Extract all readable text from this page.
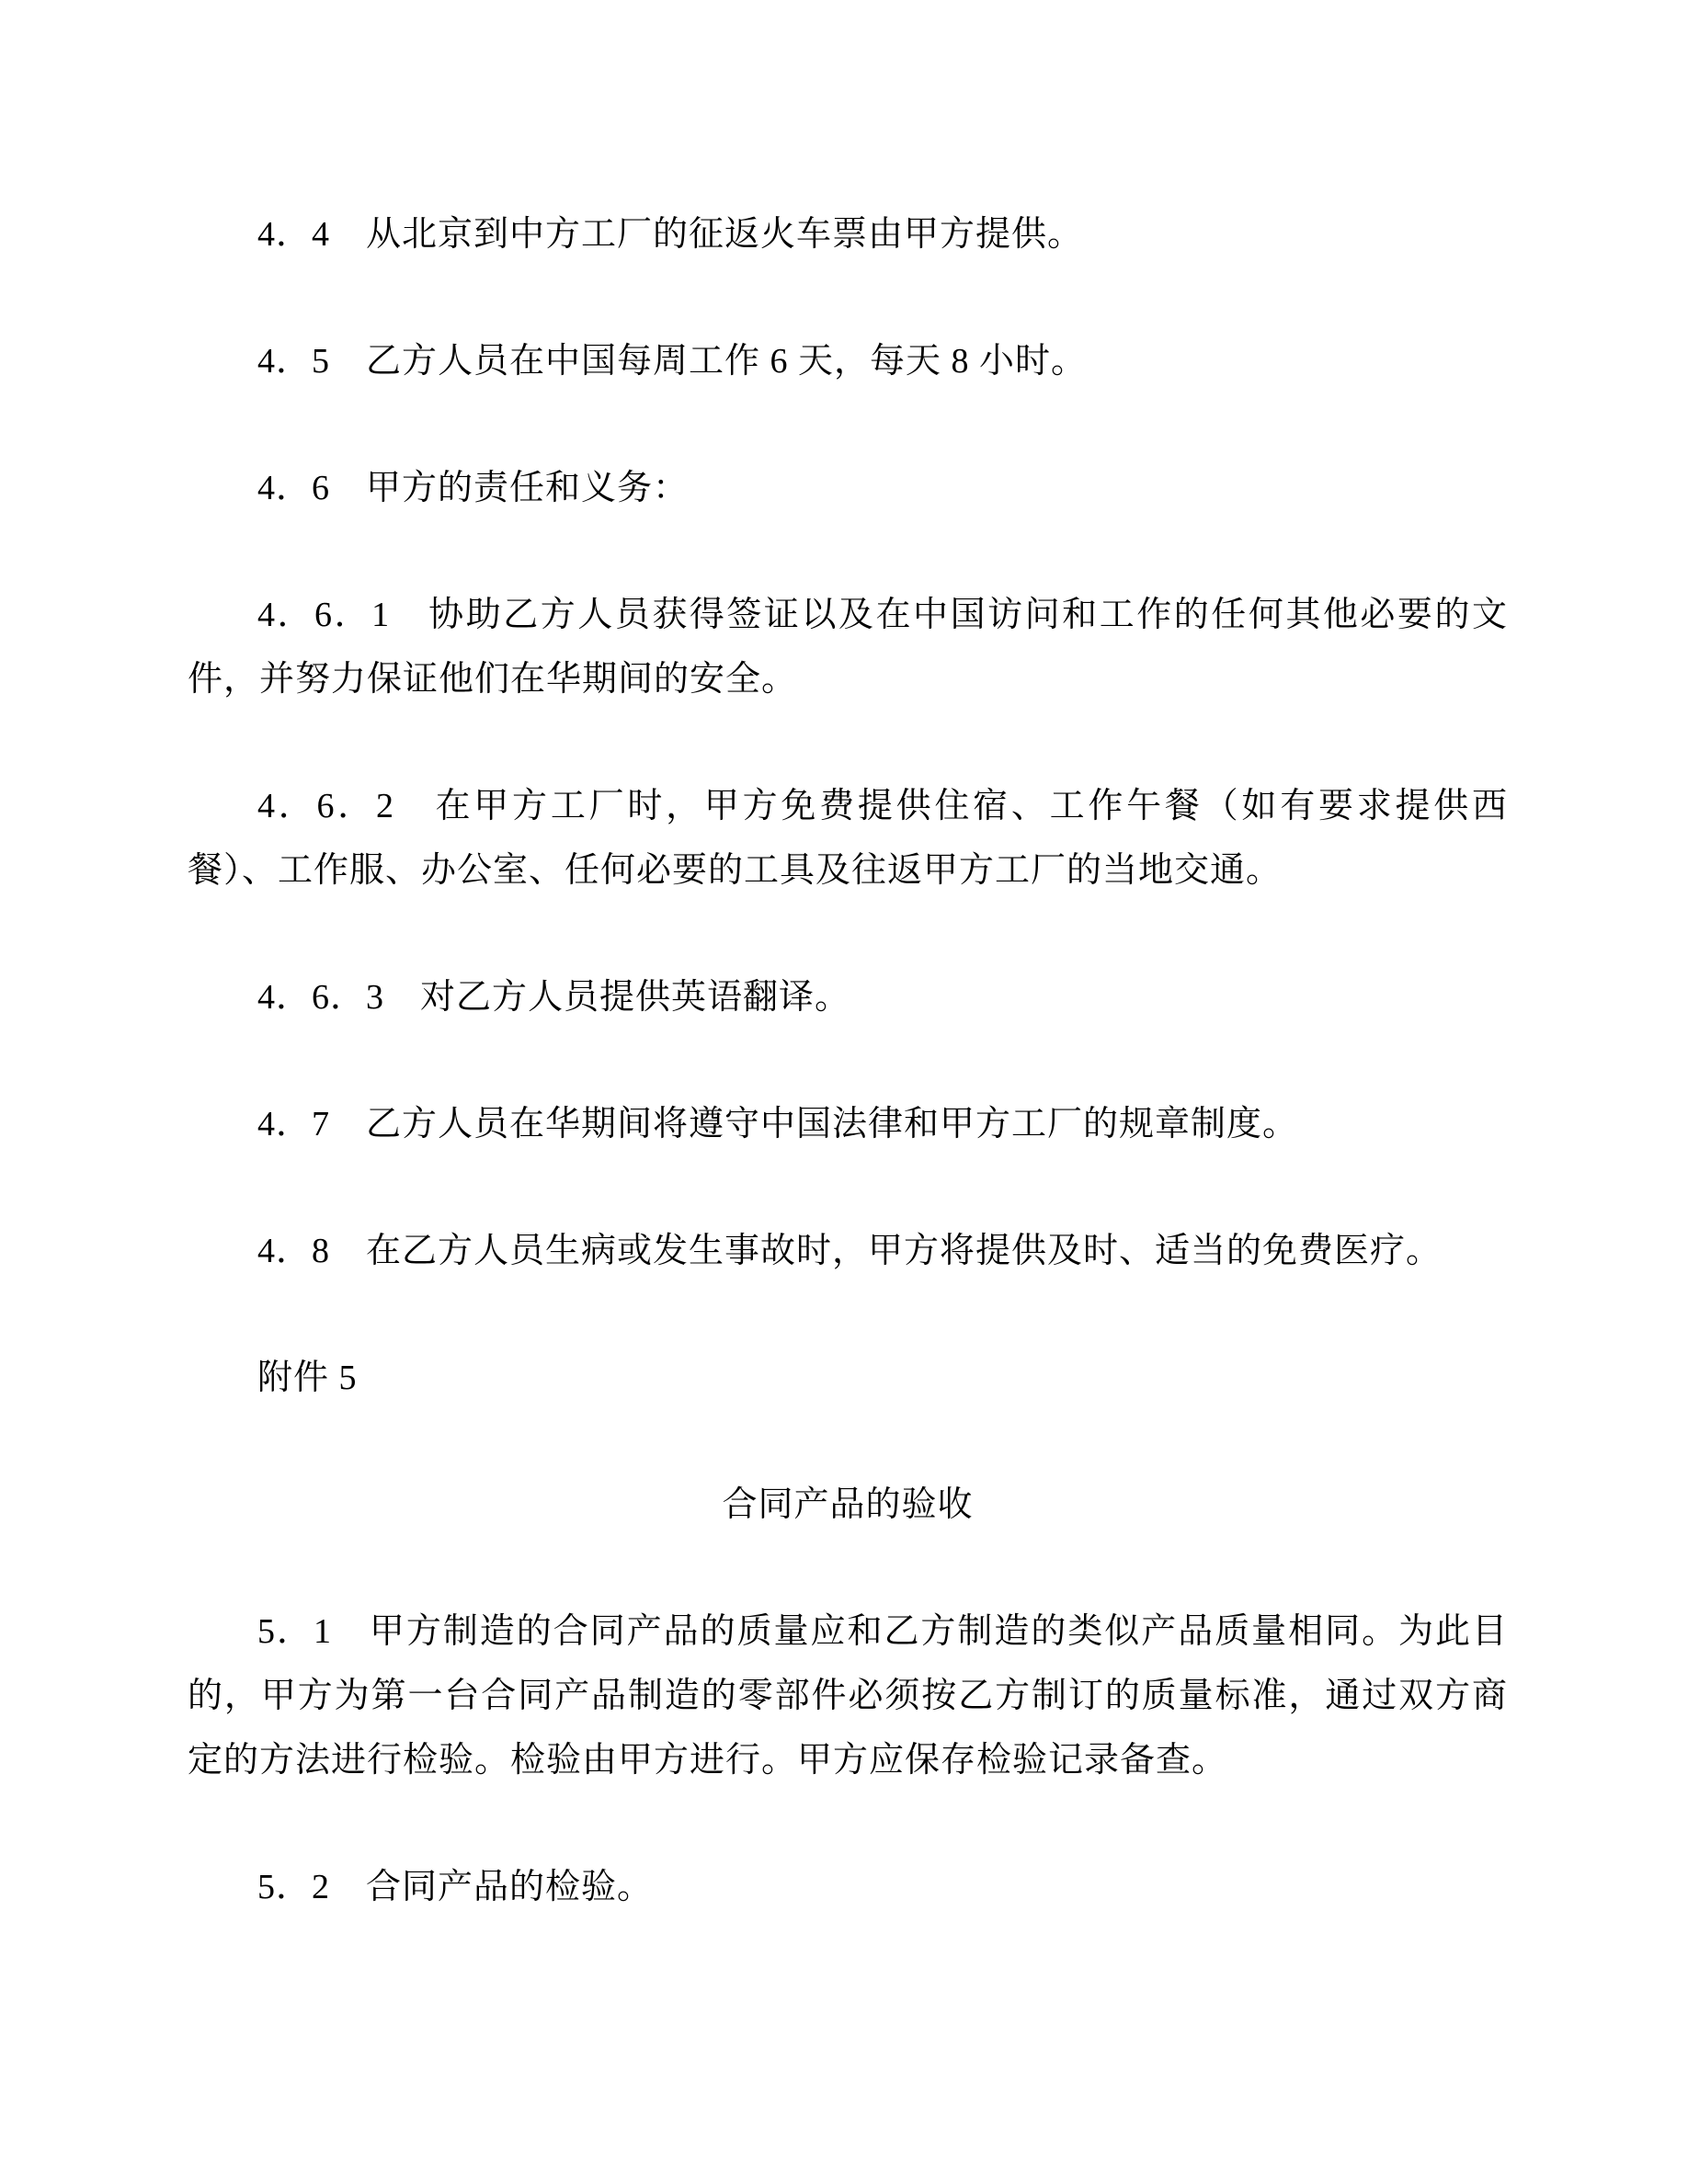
4．4　从北京到中方工厂的征返火车票由甲方提供。

4．5　乙方人员在中国每周工作 6 天，每天 8 小时。

4．6　甲方的责任和义务：

4．6．1　协助乙方人员获得签证以及在中国访问和工作的任何其他必要的文件，并努力保证他们在华期间的安全。

4．6．2　在甲方工厂时，甲方免费提供住宿、工作午餐（如有要求提供西餐）、工作服、办公室、任何必要的工具及往返甲方工厂的当地交通。

4．6．3　对乙方人员提供英语翻译。

4．7　乙方人员在华期间将遵守中国法律和甲方工厂的规章制度。

4．8　在乙方人员生病或发生事故时，甲方将提供及时、适当的免费医疗。

附件 5

合同产品的验收

5．1　甲方制造的合同产品的质量应和乙方制造的类似产品质量相同。为此目的，甲方为第一台合同产品制造的零部件必须按乙方制订的质量标准，通过双方商定的方法进行检验。检验由甲方进行。甲方应保存检验记录备查。

5．2　合同产品的检验。
